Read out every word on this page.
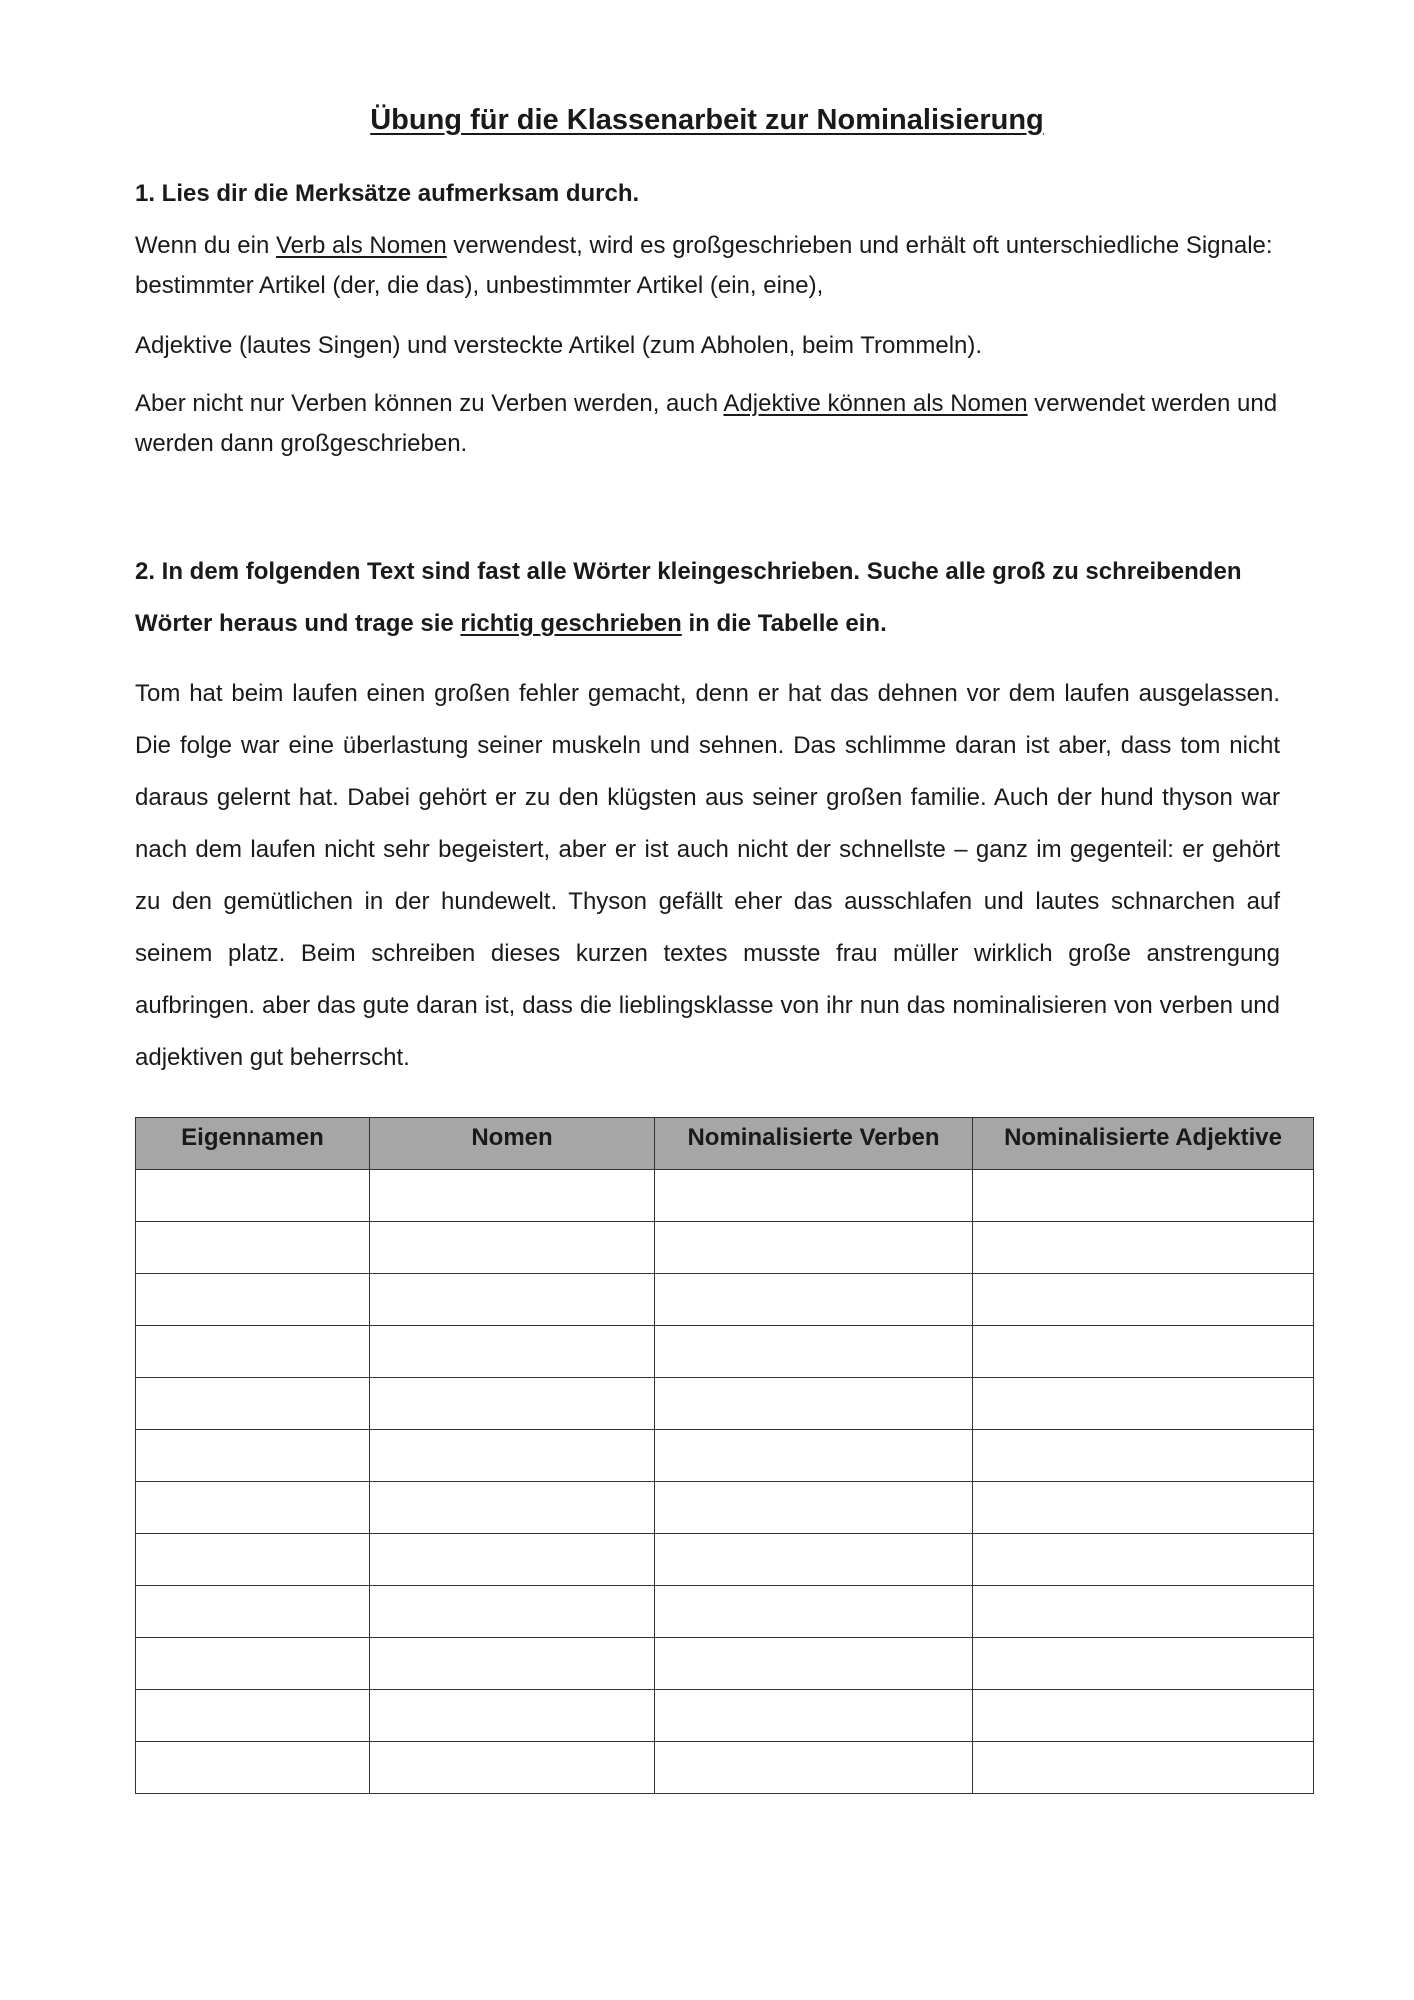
Übung für die Klassenarbeit zur Nominalisierung

1. Lies dir die Merksätze aufmerksam durch.

Wenn du ein Verb als Nomen verwendest, wird es großgeschrieben und erhält oft unterschiedliche Signale: bestimmter Artikel (der, die das), unbestimmter Artikel (ein, eine),

Adjektive (lautes Singen) und versteckte Artikel (zum Abholen, beim Trommeln).

Aber nicht nur Verben können zu Verben werden, auch Adjektive können als Nomen verwendet werden und werden dann großgeschrieben.

2. In dem folgenden Text sind fast alle Wörter kleingeschrieben. Suche alle groß zu schreibenden Wörter heraus und trage sie richtig geschrieben in die Tabelle ein.

Tom hat beim laufen einen großen fehler gemacht, denn er hat das dehnen vor dem laufen ausgelassen. Die folge war eine überlastung seiner muskeln und sehnen. Das schlimme daran ist aber, dass tom nicht daraus gelernt hat. Dabei gehört er zu den klügsten aus seiner großen familie. Auch der hund thyson war nach dem laufen nicht sehr begeistert, aber er ist auch nicht der schnellste – ganz im gegenteil: er gehört zu den gemütlichen in der hundewelt. Thyson gefällt eher das ausschlafen und lautes schnarchen auf seinem platz. Beim schreiben dieses kurzen textes musste frau müller wirklich große anstrengung aufbringen. aber das gute daran ist, dass die lieblingsklasse von ihr nun das nominalisieren von verben und adjektiven gut beherrscht.

Eigennamen	Nomen	Nominalisierte Verben	Nominalisierte Adjektive
